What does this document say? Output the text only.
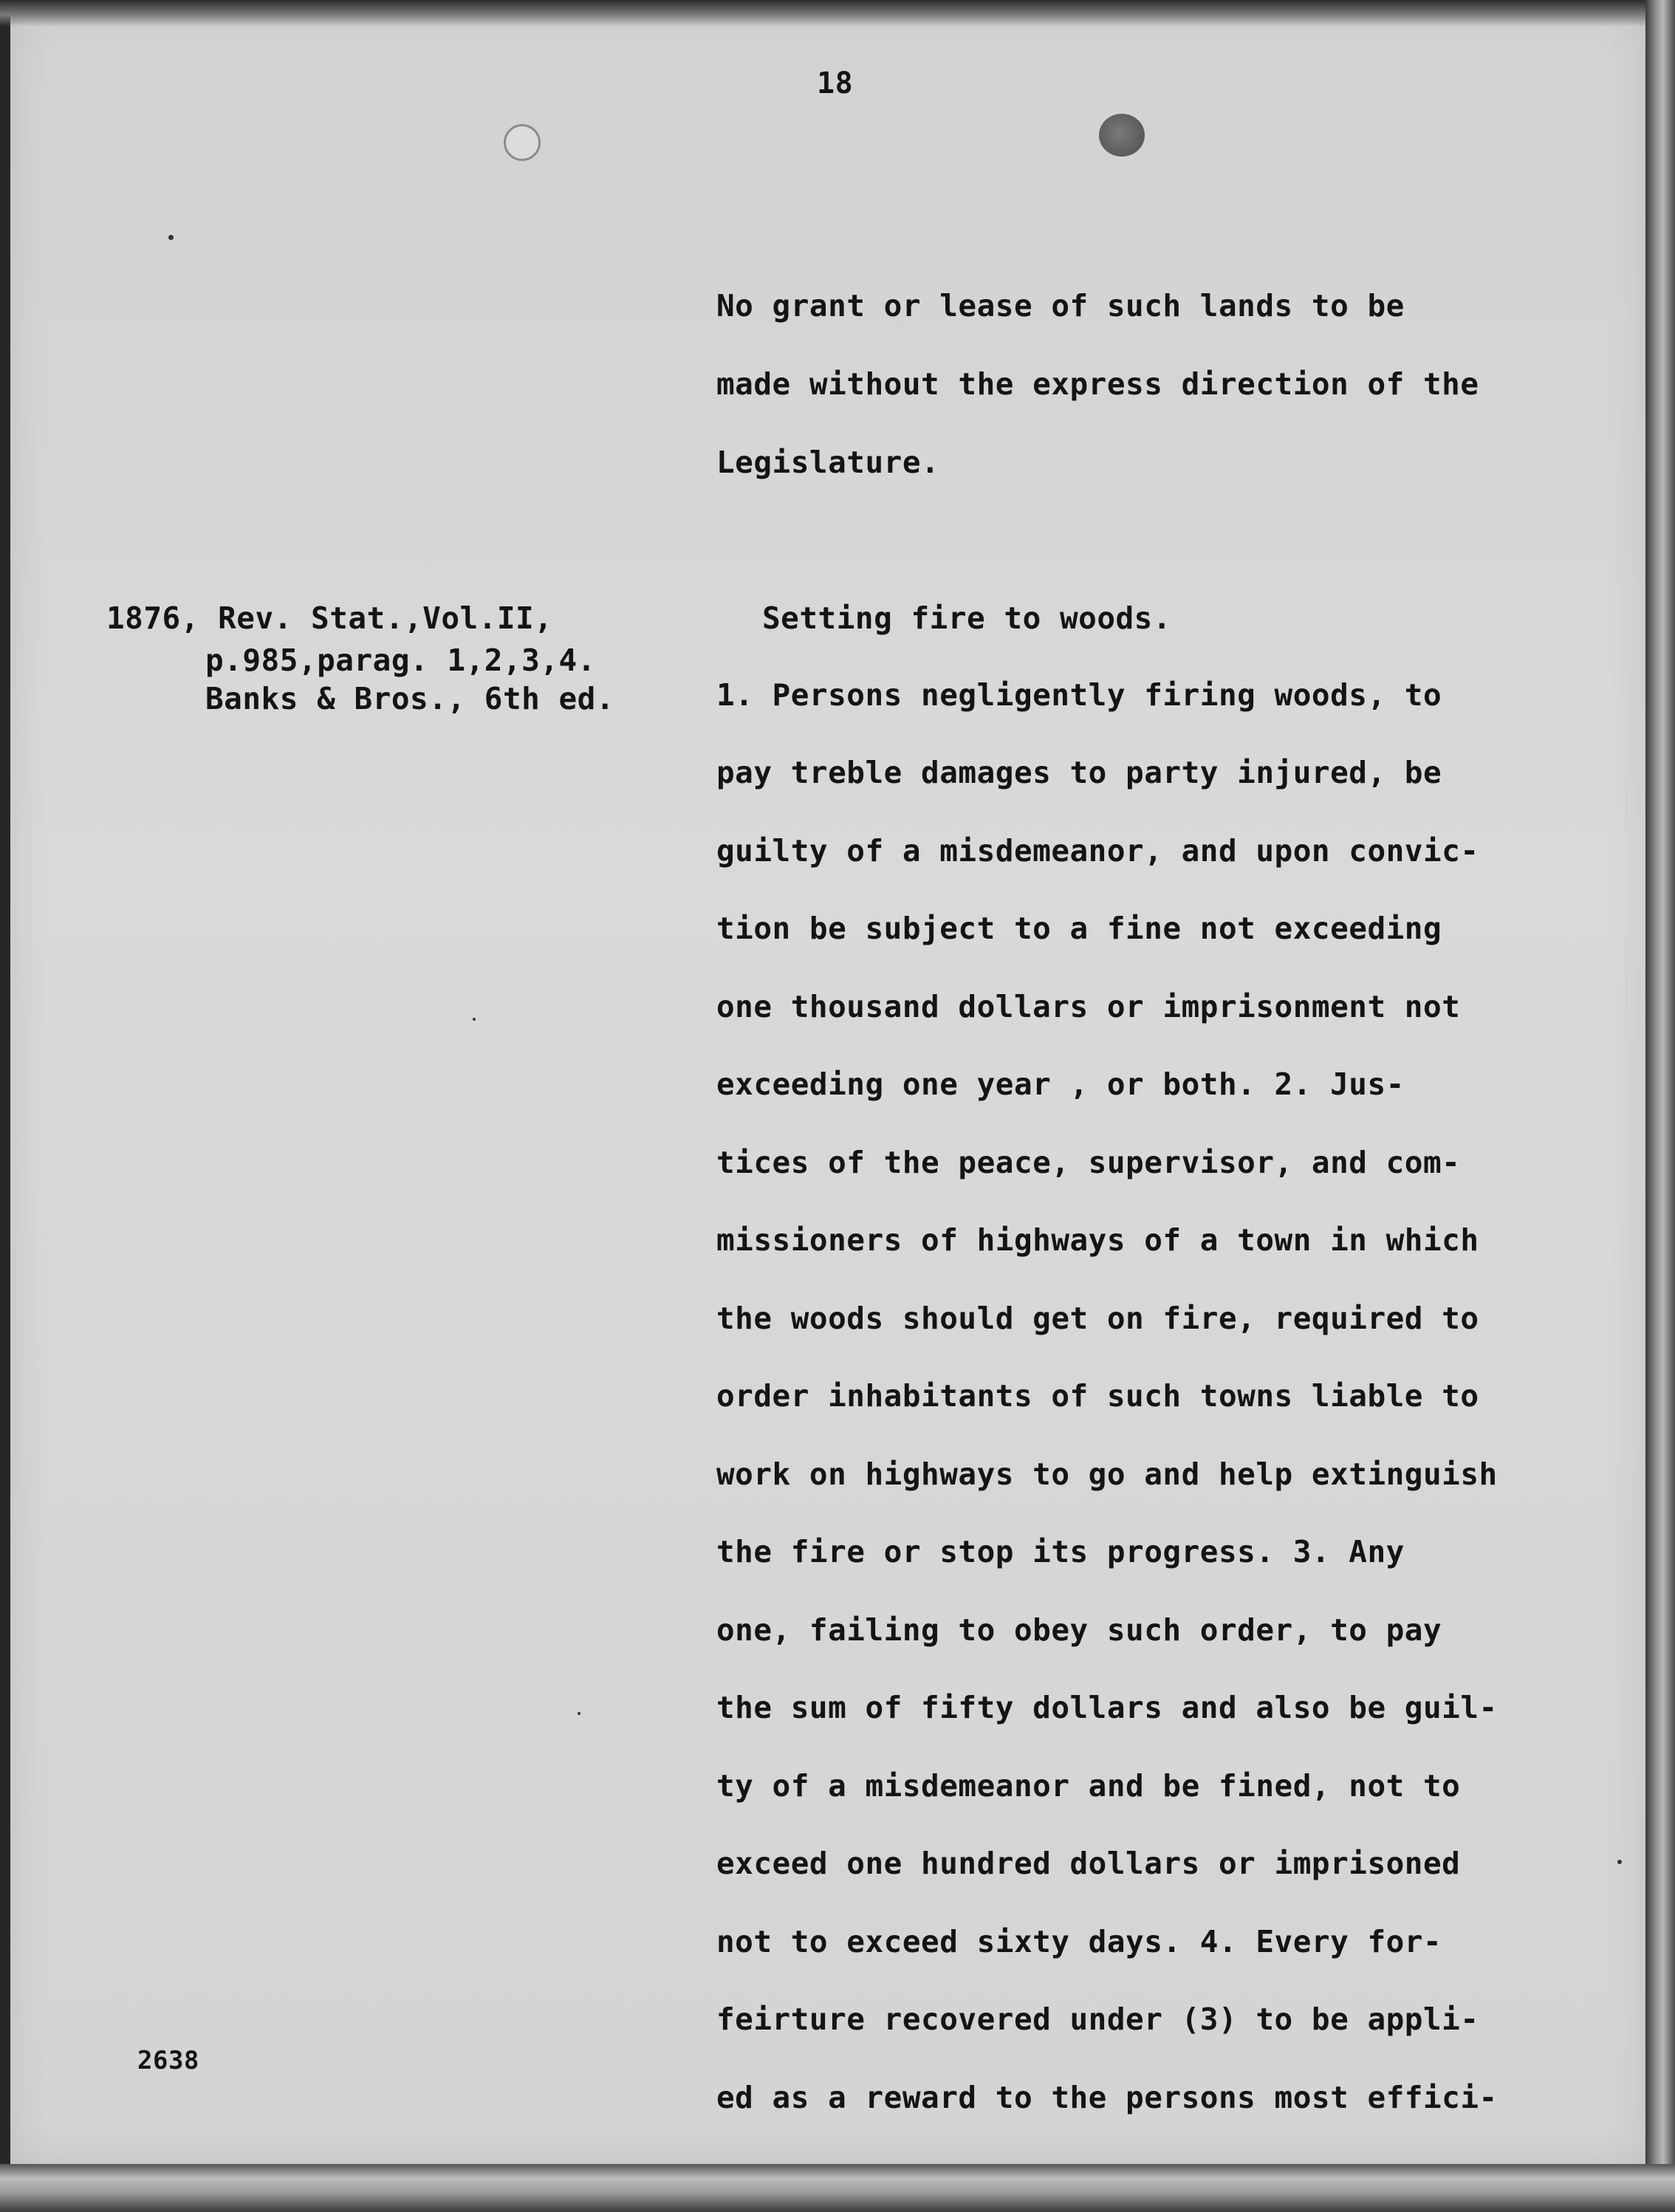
18
No grant or lease of such lands to be
made without the express direction of the
Legislature.
1876, Rev. Stat.,Vol.II,	Setting fire to woods.
p.985,parag. 1,2,3,4.
Banks & Bros., 6th ed.	1. Persons negligently firing woods, to
pay treble damages to party injured, be
guilty of a misdemeanor, and upon convic-
tion be subject to a fine not exceeding
one thousand dollars or imprisonment not
exceeding one year , or both. 2. Jus-
tices of the peace, supervisor, and com-
missioners of highways of a town in which
the woods should get on fire, required to
order inhabitants of such towns liable to
work on highways to go and help extinguish
the fire or stop its progress. 3. Any
one, failing to obey such order, to pay
the sum of fifty dollars and also be guil-
ty of a misdemeanor and be fined, not to
exceed one hundred dollars or imprisoned
not to exceed sixty days. 4. Every for-
feirture recovered under (3) to be appli-
ed as a reward to the persons most effici-
2638
